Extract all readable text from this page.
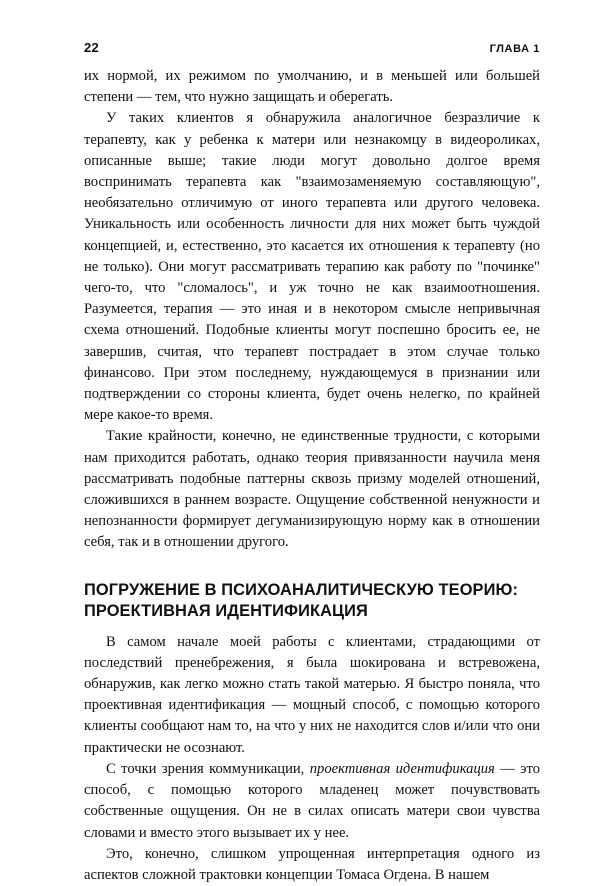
22	ГЛАВА 1

их нормой, их режимом по умолчанию, и в меньшей или большей степени — тем, что нужно защищать и оберегать.

У таких клиентов я обнаружила аналогичное безразличие к терапевту, как у ребенка к матери или незнакомцу в видеороликах, описанные выше; такие люди могут довольно долгое время воспринимать терапевта как "взаимозаменяемую составляющую", необязательно отличимую от иного терапевта или другого человека. Уникальность или особенность личности для них может быть чуждой концепцией, и, естественно, это касается их отношения к терапевту (но не только). Они могут рассматривать терапию как работу по "починке" чего-то, что "сломалось", и уж точно не как взаимоотношения. Разумеется, терапия — это иная и в некотором смысле непривычная схема отношений. Подобные клиенты могут поспешно бросить ее, не завершив, считая, что терапевт пострадает в этом случае только финансово. При этом последнему, нуждающемуся в признании или подтверждении со стороны клиента, будет очень нелегко, по крайней мере какое-то время.

Такие крайности, конечно, не единственные трудности, с которыми нам приходится работать, однако теория привязанности научила меня рассматривать подобные паттерны сквозь призму моделей отношений, сложившихся в раннем возрасте. Ощущение собственной ненужности и непознанности формирует дегуманизирующую норму как в отношении себя, так и в отношении другого.

ПОГРУЖЕНИЕ В ПСИХОАНАЛИТИЧЕСКУЮ ТЕОРИЮ:
ПРОЕКТИВНАЯ ИДЕНТИФИКАЦИЯ

В самом начале моей работы с клиентами, страдающими от последствий пренебрежения, я была шокирована и встревожена, обнаружив, как легко можно стать такой матерью. Я быстро поняла, что проективная идентификация — мощный способ, с помощью которого клиенты сообщают нам то, на что у них не находится слов и/или что они практически не осознают.

С точки зрения коммуникации, проективная идентификация — это способ, с помощью которого младенец может почувствовать собственные ощущения. Он не в силах описать матери свои чувства словами и вместо этого вызывает их у нее.

Это, конечно, слишком упрощенная интерпретация одного из аспектов сложной трактовки концепции Томаса Огдена. В нашем
